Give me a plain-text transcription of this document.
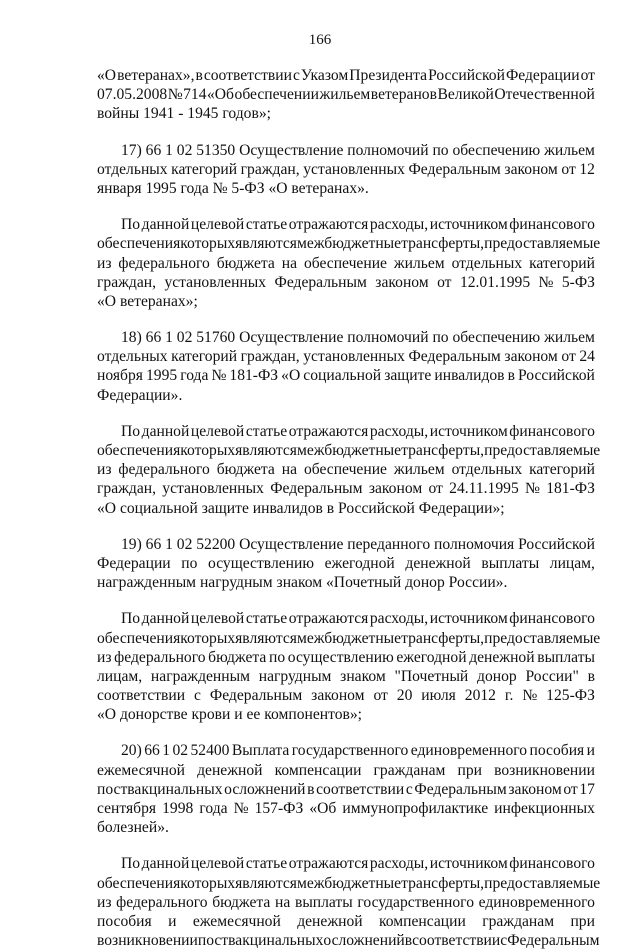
166
«О ветеранах», в соответствии с Указом Президента Российской Федерации от
07.05.2008 № 714 «Об обеспечении жильем ветеранов Великой Отечественной
войны 1941 - 1945 годов»;
17) 66 1 02 51350 Осуществление полномочий по обеспечению жильем
отдельных категорий граждан, установленных Федеральным законом от 12
января 1995 года № 5-ФЗ «О ветеранах».
По данной целевой статье отражаются расходы, источником финансового
обеспечения которых являются межбюджетные трансферты, предоставляемые
из федерального бюджета на обеспечение жильем отдельных категорий
граждан, установленных Федеральным законом от 12.01.1995 № 5-ФЗ
«О ветеранах»;
18) 66 1 02 51760 Осуществление полномочий по обеспечению жильем
отдельных категорий граждан, установленных Федеральным законом от 24
ноября 1995 года № 181-ФЗ «О социальной защите инвалидов в Российской
Федерации».
По данной целевой статье отражаются расходы, источником финансового
обеспечения которых являются межбюджетные трансферты, предоставляемые
из федерального бюджета на обеспечение жильем отдельных категорий
граждан, установленных Федеральным законом от 24.11.1995 № 181-ФЗ
«О социальной защите инвалидов в Российской Федерации»;
19) 66 1 02 52200 Осуществление переданного полномочия Российской
Федерации по осуществлению ежегодной денежной выплаты лицам,
награжденным нагрудным знаком «Почетный донор России».
По данной целевой статье отражаются расходы, источником финансового
обеспечения которых являются межбюджетные трансферты, предоставляемые
из федерального бюджета по осуществлению ежегодной денежной выплаты
лицам, награжденным нагрудным знаком "Почетный донор России" в
соответствии с Федеральным законом от 20 июля 2012 г. № 125-ФЗ
«О донорстве крови и ее компонентов»;
20) 66 1 02 52400 Выплата государственного единовременного пособия и
ежемесячной денежной компенсации гражданам при возникновении
поствакцинальных осложнений в соответствии с Федеральным законом от 17
сентября 1998 года № 157-ФЗ «Об иммунопрофилактике инфекционных
болезней».
По данной целевой статье отражаются расходы, источником финансового
обеспечения которых являются межбюджетные трансферты, предоставляемые
из федерального бюджета на выплаты государственного единовременного
пособия и ежемесячной денежной компенсации гражданам при
возникновении поствакцинальных осложнений в соответствии с Федеральным
